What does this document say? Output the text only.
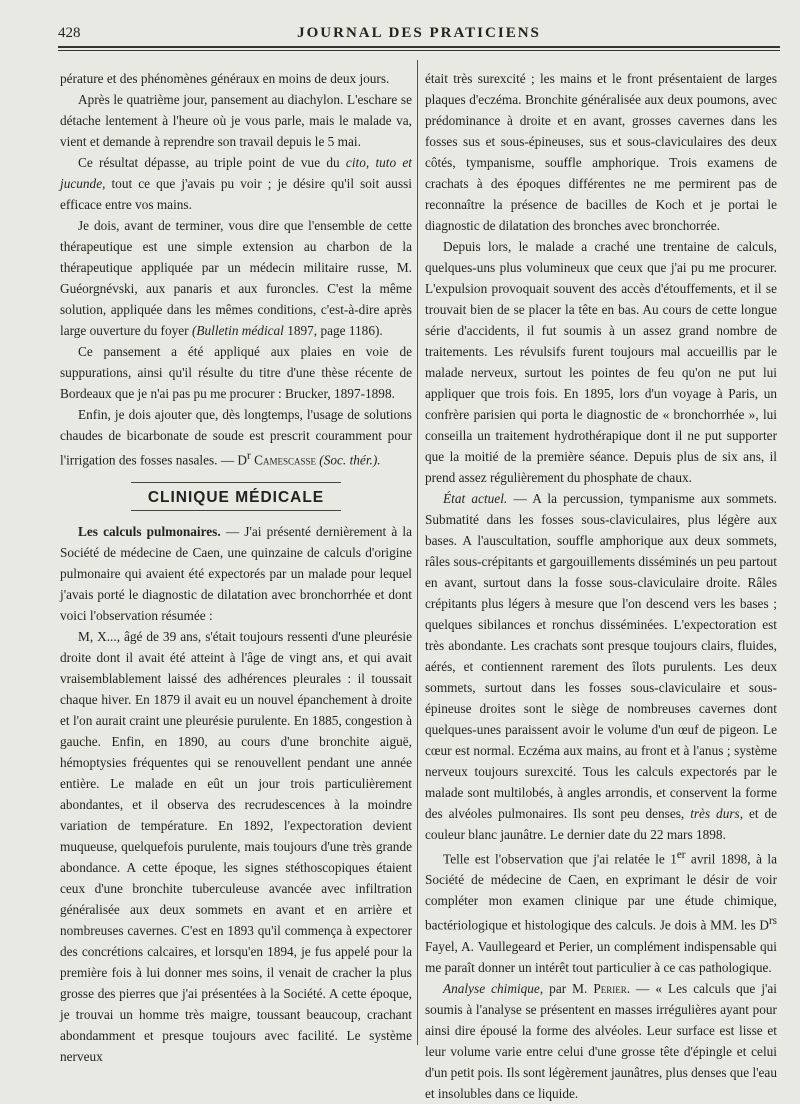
428	JOURNAL DES PRATICIENS

pérature et des phénomènes généraux en moins de deux jours.

Après le quatrième jour, pansement au diachylon. L'eschare se détache lentement à l'heure où je vous parle, mais le malade va, vient et demande à reprendre son travail depuis le 5 mai.

Ce résultat dépasse, au triple point de vue du cito, tuto et jucunde, tout ce que j'avais pu voir ; je désire qu'il soit aussi efficace entre vos mains.

Je dois, avant de terminer, vous dire que l'ensemble de cette thérapeutique est une simple extension au charbon de la thérapeutique appliquée par un médecin militaire russe, M. Guéorgnévski, aux panaris et aux furoncles. C'est la même solution, appliquée dans les mêmes conditions, c'est-à-dire après large ouverture du foyer (Bulletin médical 1897, page 1186).

Ce pansement a été appliqué aux plaies en voie de suppurations, ainsi qu'il résulte du titre d'une thèse récente de Bordeaux que je n'ai pas pu me procurer : Brucker, 1897-1898.

Enfin, je dois ajouter que, dès longtemps, l'usage de solutions chaudes de bicarbonate de soude est prescrit couramment pour l'irrigation des fosses nasales. — $D^r$ Camescasse (Soc. thér.).

CLINIQUE MÉDICALE

Les calculs pulmonaires. — J'ai présenté dernièrement à la Société de médecine de Caen, une quinzaine de calculs d'origine pulmonaire qui avaient été expectorés par un malade pour lequel j'avais porté le diagnostic de dilatation avec bronchorrhée et dont voici l'observation résumée :

M, X..., âgé de 39 ans, s'était toujours ressenti d'une pleurésie droite dont il avait été atteint à l'âge de vingt ans, et qui avait vraisemblablement laissé des adhérences pleurales : il toussait chaque hiver. En 1879 il avait eu un nouvel épanchement à droite et l'on aurait craint une pleurésie purulente. En 1885, congestion à gauche. Enfin, en 1890, au cours d'une bronchite aiguë, hémoptysies fréquentes qui se renouvellent pendant une année entière. Le malade en eût un jour trois particulièrement abondantes, et il observa des recrudescences à la moindre variation de température. En 1892, l'expectoration devient muqueuse, quelquefois purulente, mais toujours d'une très grande abondance. A cette époque, les signes stéthoscopiques étaient ceux d'une bronchite tuberculeuse avancée avec infiltration généralisée aux deux sommets en avant et en arrière et nombreuses cavernes. C'est en 1893 qu'il commença à expectorer des concrétions calcaires, et lorsqu'en 1894, je fus appelé pour la première fois à lui donner mes soins, il venait de cracher la plus grosse des pierres que j'ai présentées à la Société. A cette époque, je trouvai un homme très maigre, toussant beaucoup, crachant abondamment et presque toujours avec facilité. Le système nerveux

était très surexcité ; les mains et le front présentaient de larges plaques d'eczéma. Bronchite généralisée aux deux poumons, avec prédominance à droite et en avant, grosses cavernes dans les fosses sus et sous-épineuses, sus et sous-claviculaires des deux côtés, tympanisme, souffle amphorique. Trois examens de crachats à des époques différentes ne me permirent pas de reconnaître la présence de bacilles de Koch et je portai le diagnostic de dilatation des bronches avec bronchorrée.

Depuis lors, le malade a craché une trentaine de calculs, quelques-uns plus volumineux que ceux que j'ai pu me procurer. L'expulsion provoquait souvent des accès d'étouffements, et il se trouvait bien de se placer la tête en bas. Au cours de cette longue série d'accidents, il fut soumis à un assez grand nombre de traitements. Les révulsifs furent toujours mal accueillis par le malade nerveux, surtout les pointes de feu qu'on ne put lui appliquer que trois fois. En 1895, lors d'un voyage à Paris, un confrère parisien qui porta le diagnostic de « bronchorrhée », lui conseilla un traitement hydrothérapique dont il ne put supporter que la moitié de la première séance. Depuis plus de six ans, il prend assez régulièrement du phosphate de chaux.

État actuel. — A la percussion, tympanisme aux sommets. Submatité dans les fosses sous-claviculaires, plus légère aux bases. A l'auscultation, souffle amphorique aux deux sommets, râles sous-crépitants et gargouillements disséminés un peu partout en avant, surtout dans la fosse sous-claviculaire droite. Râles crépitants plus légers à mesure que l'on descend vers les bases ; quelques sibilances et ronchus disséminées. L'expectoration est très abondante. Les crachats sont presque toujours clairs, fluides, aérés, et contiennent rarement des îlots purulents. Les deux sommets, surtout dans les fosses sous-claviculaire et sous-épineuse droites sont le siège de nombreuses cavernes dont quelques-unes paraissent avoir le volume d'un œuf de pigeon. Le cœur est normal. Eczéma aux mains, au front et à l'anus ; système nerveux toujours surexcité. Tous les calculs expectorés par le malade sont multilobés, à angles arrondis, et conservent la forme des alvéoles pulmonaires. Ils sont peu denses, très durs, et de couleur blanc jaunâtre. Le dernier date du 22 mars 1898.

Telle est l'observation que j'ai relatée le 1er avril 1898, à la Société de médecine de Caen, en exprimant le désir de voir compléter mon examen clinique par une étude chimique, bactériologique et histologique des calculs. Je dois à MM. les $D^{rs}$ Fayel, A. Vaullegeard et Perier, un complément indispensable qui me paraît donner un intérêt tout particulier à ce cas pathologique.

Analyse chimique, par M. Perier. — « Les calculs que j'ai soumis à l'analyse se présentent en masses irrégulières ayant pour ainsi dire épousé la forme des alvéoles. Leur surface est lisse et leur volume varie entre celui d'une grosse tête d'épingle et celui d'un petit pois. Ils sont légèrement jaunâtres, plus denses que l'eau et insolubles dans ce liquide.
